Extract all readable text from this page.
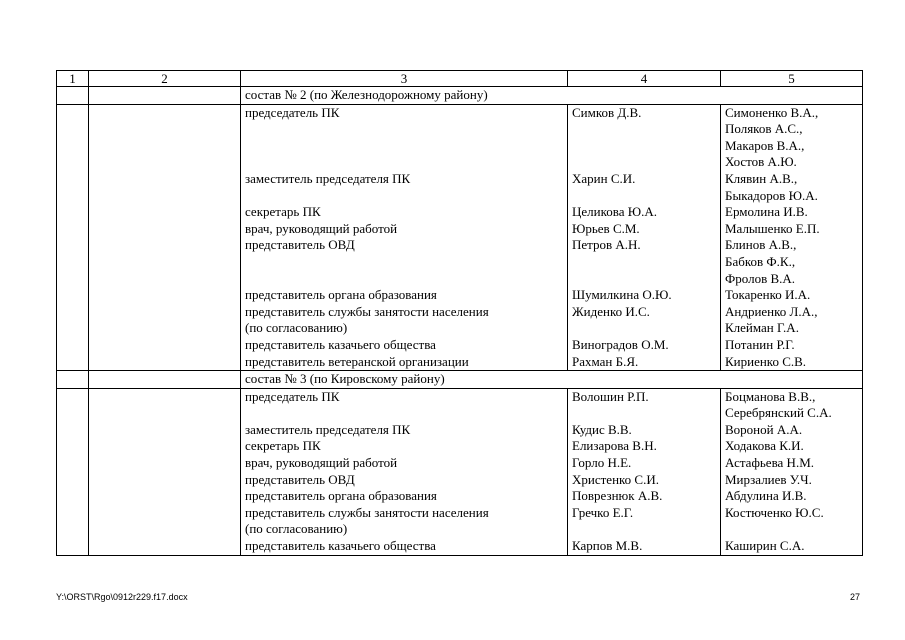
1	2	3	4	5
		состав № 2 (по Железнодорожному району)		

		председатель ПК	Симков Д.В.	Симоненко В.А.,
Поляков А.С.,
Макаров В.А.,
Хостов А.Ю.

		заместитель председателя ПК	Харин С.И.	Клявин А.В.,
Быкадоров Ю.А.

		секретарь ПК	Целикова Ю.А.	Ермолина И.В.

		врач, руководящий работой	Юрьев С.М.	Малышенко Е.П.

		представитель ОВД	Петров А.Н.	Блинов А.В.,
Бабков Ф.К.,
Фролов В.А.

		представитель органа образования	Шумилкина О.Ю.	Токаренко И.А.

		представитель службы занятости населения
(по согласованию)	Жиденко И.С.	Андриенко Л.А.,
Клейман Г.А.

		представитель казачьего общества	Виноградов О.М.	Потанин Р.Г.

		представитель ветеранской организации	Рахман Б.Я.	Кириенко С.В.

		состав № 3 (по Кировскому району)		

		председатель ПК	Волошин Р.П.	Боцманова В.В.,
Серебрянский С.А.

		заместитель председателя ПК	Кудис В.В.	Вороной А.А.

		секретарь ПК	Елизарова В.Н.	Ходакова К.И.

		врач, руководящий работой	Горло Н.Е.	Астафьева Н.М.

		представитель ОВД	Христенко С.И.	Мирзалиев У.Ч.

		представитель органа образования	Поврезнюк А.В.	Абдулина И.В.

		представитель службы занятости населения
(по согласованию)	Гречко Е.Г.	Костюченко Ю.С.

		представитель казачьего общества	Карпов М.В.	Каширин С.А.
Y:\ORST\Rgo\0912r229.f17.docx	27
